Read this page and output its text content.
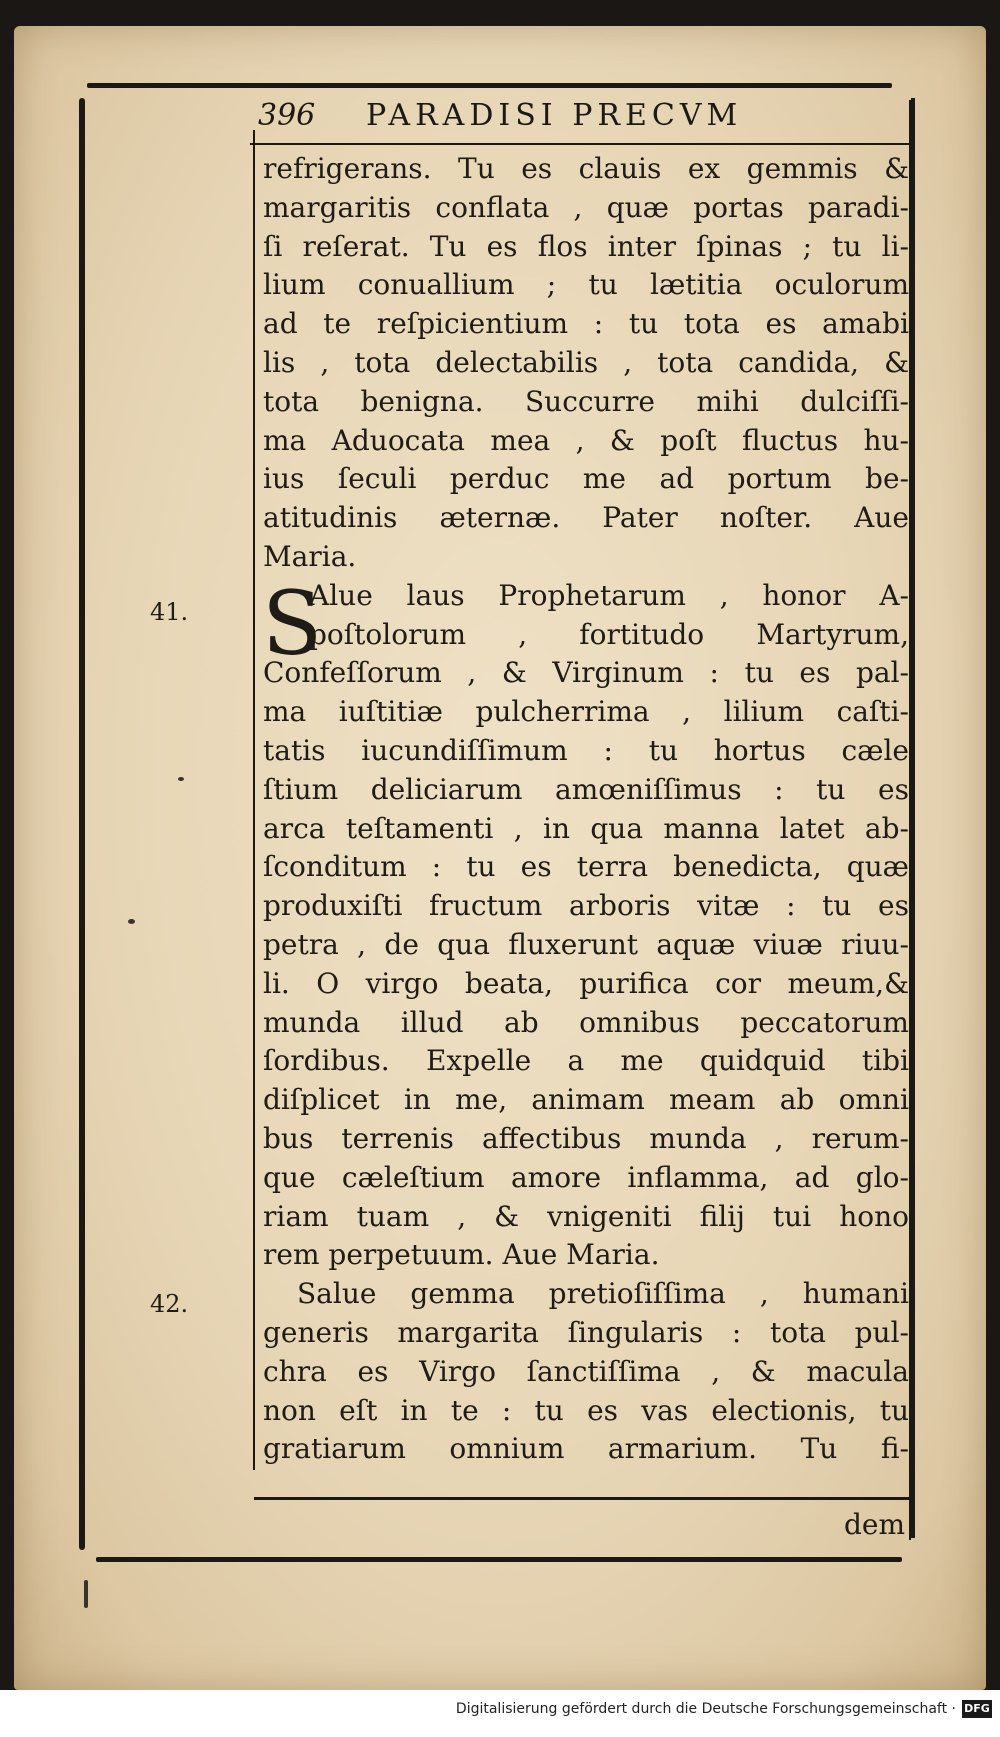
396 PARADISI PRECVM
refrigerans. Tu es clauis ex gemmis &
margaritis conflata , quæ portas paradi-
ſi reſerat. Tu es flos inter ſpinas ; tu li-
lium conuallium ; tu lætitia oculorum
ad te reſpicientium : tu tota es amabi
lis , tota delectabilis , tota candida, &
tota benigna. Succurre mihi dulciſſi-
ma Aduocata mea , & poſt fluctus hu-
ius ſeculi perduc me ad portum be-
atitudinis æternæ. Pater noſter. Aue
Maria.
Alue laus Prophetarum , honor A-
poſtolorum , fortitudo Martyrum,
Confeſſorum , & Virginum : tu es pal-
ma iuſtitiæ pulcherrima , lilium caſti-
tatis iucundiſſimum : tu hortus cæle
ſtium deliciarum amœniſſimus : tu es
arca teſtamenti , in qua manna latet ab-
ſconditum : tu es terra benedicta, quæ
produxiſti fructum arboris vitæ : tu es
petra , de qua fluxerunt aquæ viuæ riuu-
li. O virgo beata, purifica cor meum,&
munda illud ab omnibus peccatorum
ſordibus. Expelle a me quidquid tibi
diſplicet in me, animam meam ab omni
bus terrenis affectibus munda , rerum-
que cæleſtium amore inflamma, ad glo-
riam tuam , & vnigeniti filij tui hono
rem perpetuum. Aue Maria.
Salue gemma pretioſiſſima , humani
generis margarita ſingularis : tota pul-
chra es Virgo ſanctiſſima , & macula
non eſt in te : tu es vas electionis, tu
gratiarum omnium armarium. Tu fi-
S
41.
42.
dem
Digitalisierung gefördert durch die Deutsche Forschungsgemeinschaft · DFG
